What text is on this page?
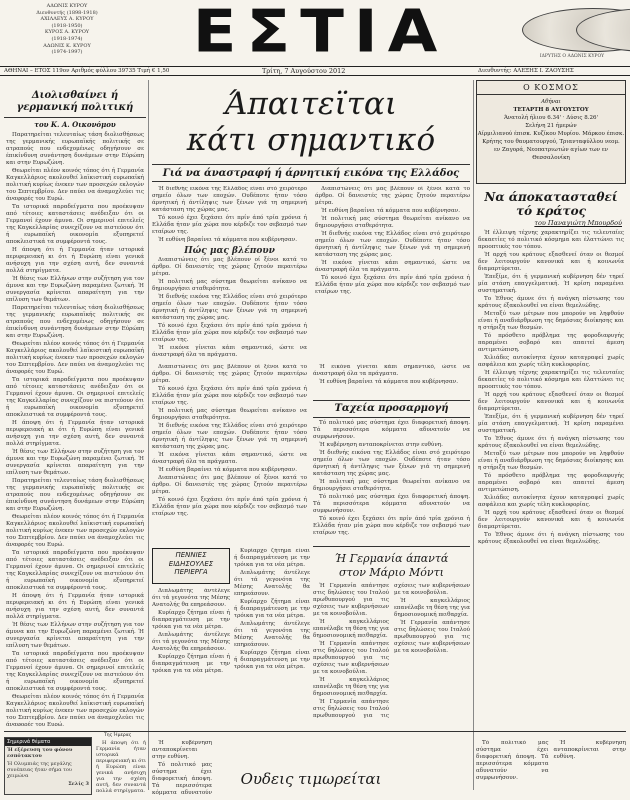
ΑΔΩΝΙΣ ΚΥΡΟΥ
Διευθυντής (1898-1918)
ΑΧΙΛΛΕΥΣ Α. ΚΥΡΟΥ
(1918-1950)
ΚΥΡΟΣ Α. ΚΥΡΟΥ
(1918-1974)
ΑΔΩΝΙΣ Κ. ΚΥΡΟΥ
(1974-1997)	ΕΣΤΙΑ	ΙΔΡΥΤΗΣ Ο ΑΔΩΝΙΣ ΚΥΡΟΥ
ΑΘΗΝΑΙ – ΕΤΟΣ 119ον Αριθμός φύλλου 39735 Τιμή € 1,50	Τρίτη, 7 Αυγούστου 2012	Διευθυντής: ΑΛΕΞΗΣ Ι. ΖΑΟΥΣΗΣ
Διολισθαίνει ή γερμανική πολιτική
του Κ. Α. Οικονόμου

Παρατηρείται τελευταίως τάση διολισθήσεως της γερμανικής ευρωπαϊκής πολιτικής σε ατραπούς που ενδεχομένως οδηγήσουν σε έπικίνδυνη συνάντηση δυνάμεων στην Εύρώπη και στην Ευρωζώνη.

Θεωρείται πλέον κοινός τόπος ότι ή Γερμανία Καγκελλάριος ακολουθεί λαϊκιστική ευρωπαϊκή πολιτική κυρίως ένεκεν των προσεχών εκλογών του Σεπτεμβρίου. Δεν παύει να άναμοχλεύει τις άναφορές του Ευρώ.

Τα ιστορικά παραδείγματα που προέκυψαν από τέτοιες καταστάσεις ανέδειξαν ότι οι Γερμανοί έχουν άμυνα. Οι σημερινοί επιτελείς της Καγκελλαρίας συνεχίζουν να πιστεύουν ότι ή ευρωπαϊκή οικονομία εξυπηρετεί αποκλειστικά τα συμφέροντά τους.

Η άποψη ότι ή Γερμανία ήταν ιστορικά περιφερειακή κι ότι ή Ευρώπη είναι γενικά ανήσυχη για την σχέση αυτή, δεν συναντά πολλά στηρίγματα.

Ή θέσις των Ελλήνων στην συζήτηση για τον άμυνα και την Ευρωζώνη παραμένει ζωτική. Ή συνεργασία κρίνεται απαραίτητη για την επίλυση των θεμάτων.

Παρατηρείται τελευταίως τάση διολισθήσεως της γερμανικής ευρωπαϊκής πολιτικής σε ατραπούς που ενδεχομένως οδηγήσουν σε έπικίνδυνη συνάντηση δυνάμεων στην Εύρώπη και στην Ευρωζώνη.

Θεωρείται πλέον κοινός τόπος ότι ή Γερμανία Καγκελλάριος ακολουθεί λαϊκιστική ευρωπαϊκή πολιτική κυρίως ένεκεν των προσεχών εκλογών του Σεπτεμβρίου. Δεν παύει να άναμοχλεύει τις άναφορές του Ευρώ.

Τα ιστορικά παραδείγματα που προέκυψαν από τέτοιες καταστάσεις ανέδειξαν ότι οι Γερμανοί έχουν άμυνα. Οι σημερινοί επιτελείς της Καγκελλαρίας συνεχίζουν να πιστεύουν ότι ή ευρωπαϊκή οικονομία εξυπηρετεί αποκλειστικά τα συμφέροντά τους.

Η άποψη ότι ή Γερμανία ήταν ιστορικά περιφερειακή κι ότι ή Ευρώπη είναι γενικά ανήσυχη για την σχέση αυτή, δεν συναντά πολλά στηρίγματα.

Ή θέσις των Ελλήνων στην συζήτηση για τον άμυνα και την Ευρωζώνη παραμένει ζωτική. Ή συνεργασία κρίνεται απαραίτητη για την επίλυση των θεμάτων.

Παρατηρείται τελευταίως τάση διολισθήσεως της γερμανικής ευρωπαϊκής πολιτικής σε ατραπούς που ενδεχομένως οδηγήσουν σε έπικίνδυνη συνάντηση δυνάμεων στην Εύρώπη και στην Ευρωζώνη.

Θεωρείται πλέον κοινός τόπος ότι ή Γερμανία Καγκελλάριος ακολουθεί λαϊκιστική ευρωπαϊκή πολιτική κυρίως ένεκεν των προσεχών εκλογών του Σεπτεμβρίου. Δεν παύει να άναμοχλεύει τις άναφορές του Ευρώ.

Τα ιστορικά παραδείγματα που προέκυψαν από τέτοιες καταστάσεις ανέδειξαν ότι οι Γερμανοί έχουν άμυνα. Οι σημερινοί επιτελείς της Καγκελλαρίας συνεχίζουν να πιστεύουν ότι ή ευρωπαϊκή οικονομία εξυπηρετεί αποκλειστικά τα συμφέροντά τους.

Η άποψη ότι ή Γερμανία ήταν ιστορικά περιφερειακή κι ότι ή Ευρώπη είναι γενικά ανήσυχη για την σχέση αυτή, δεν συναντά πολλά στηρίγματα.

Ή θέσις των Ελλήνων στην συζήτηση για τον άμυνα και την Ευρωζώνη παραμένει ζωτική. Ή συνεργασία κρίνεται απαραίτητη για την επίλυση των θεμάτων.

Τα ιστορικά παραδείγματα που προέκυψαν από τέτοιες καταστάσεις ανέδειξαν ότι οι Γερμανοί έχουν άμυνα. Οι σημερινοί επιτελείς της Καγκελλαρίας συνεχίζουν να πιστεύουν ότι ή ευρωπαϊκή οικονομία εξυπηρετεί αποκλειστικά τα συμφέροντά τους.

Θεωρείται πλέον κοινός τόπος ότι ή Γερμανία Καγκελλάριος ακολουθεί λαϊκιστική ευρωπαϊκή πολιτική κυρίως ένεκεν των προσεχών εκλογών του Σεπτεμβρίου. Δεν παύει να άναμοχλεύει τις άναφορές του Ευρώ.

Της Ήμερας
Σημερινά θέματα
Ή εξέρευση του φόνου εσπότακτου
Ή Ολυμπιάς της μεγάλης συνέπειας ήταν σήμα του χειμώνα
Σελίς 3

Η άποψη ότι ή Γερμανία ήταν ιστορικά περιφερειακή κι ότι ή Ευρώπη είναι γενικά ανήσυχη για την σχέση αυτή, δεν συναντά πολλά στηρίγματα.

Άπαιτεϊται
κάτι σημαντικό
Γιά να άναστραφή ή άρνητική εικόνα της Ελλάδος

Ή διεθνής εικόνα της Ελλάδος είναι στό χειρότερο σημείο όλων των εποχών. Ουδέποτε ήταν τόσο άρνητική ή άντίληψις των ξένων γιά τη σημερινή κατάσταση της χώρας μας.

Τό κοινό έχει ξεχάσει ότι πρίν άπό τρία χρόνια ή Ελλάδα ήταν μία χώρα που κέρδιζε τον σεβασμό των εταίρων της.

Ή ευθύνη βαραίνει τά κόμματα που κυβέρνησαν.

Πώς μας βλέπουν

Διαπιστώνεις ότι μας βλέπουν οί ξένοι κατά το άρθρο. Οί δανειστές της χώρας ζητούν περαιτέρω μέτρα.

Ή πολιτική μας σύστημα θεωρείται ανίκανο να δημιουργήσει σταθερότητα.

Ή διεθνής εικόνα της Ελλάδος είναι στό χειρότερο σημείο όλων των εποχών. Ουδέποτε ήταν τόσο άρνητική ή άντίληψις των ξένων γιά τη σημερινή κατάσταση της χώρας μας.

Τό κοινό έχει ξεχάσει ότι πρίν άπό τρία χρόνια ή Ελλάδα ήταν μία χώρα που κέρδιζε τον σεβασμό των εταίρων της.

Ή εικόνα γίνεται κάπι σημαντικό, ώστε να άναστραφή όλα τα πράγματα.

Διαπιστώνεις ότι μας βλέπουν οί ξένοι κατά το άρθρο. Οί δανειστές της χώρας ζητούν περαιτέρω μέτρα.

Ή ευθύνη βαραίνει τά κόμματα που κυβέρνησαν.

Ή πολιτική μας σύστημα θεωρείται ανίκανο να δημιουργήσει σταθερότητα.

Ή διεθνής εικόνα της Ελλάδος είναι στό χειρότερο σημείο όλων των εποχών. Ουδέποτε ήταν τόσο άρνητική ή άντίληψις των ξένων γιά τη σημερινή κατάσταση της χώρας μας.

Ή εικόνα γίνεται κάπι σημαντικό, ώστε να άναστραφή όλα τα πράγματα.

Τό κοινό έχει ξεχάσει ότι πρίν άπό τρία χρόνια ή Ελλάδα ήταν μία χώρα που κέρδιζε τον σεβασμό των εταίρων της.

Διαπιστώνεις ότι μας βλέπουν οί ξένοι κατά το άρθρο. Οί δανειστές της χώρας ζητούν περαιτέρω μέτρα.

Τό κοινό έχει ξεχάσει ότι πρίν άπό τρία χρόνια ή Ελλάδα ήταν μία χώρα που κέρδιζε τον σεβασμό των εταίρων της.

Ή πολιτική μας σύστημα θεωρείται ανίκανο να δημιουργήσει σταθερότητα.

Ή διεθνής εικόνα της Ελλάδος είναι στό χειρότερο σημείο όλων των εποχών. Ουδέποτε ήταν τόσο άρνητική ή άντίληψις των ξένων γιά τη σημερινή κατάσταση της χώρας μας.

Ή εικόνα γίνεται κάπι σημαντικό, ώστε να άναστραφή όλα τα πράγματα.

Ή ευθύνη βαραίνει τά κόμματα που κυβέρνησαν.

Διαπιστώνεις ότι μας βλέπουν οί ξένοι κατά το άρθρο. Οί δανειστές της χώρας ζητούν περαιτέρω μέτρα.

Τό κοινό έχει ξεχάσει ότι πρίν άπό τρία χρόνια ή Ελλάδα ήταν μία χώρα που κέρδιζε τον σεβασμό των εταίρων της.

Ή εικόνα γίνεται κάπι σημαντικό, ώστε να άναστραφή όλα τα πράγματα.

Ή ευθύνη βαραίνει τά κόμματα που κυβέρνησαν.

Ταχεία προσαρμογή

Τό πολιτικό μας σύστημα έχει διαφορετική άποψη. Τά περισσότερα κόμματα αδυνατούν να συμφωνήσουν.

Ή κυβέρνηση ανταποκρίνεται στην ευθύνη.

Ή διεθνής εικόνα της Ελλάδος είναι στό χειρότερο σημείο όλων των εποχών. Ουδέποτε ήταν τόσο άρνητική ή άντίληψις των ξένων γιά τη σημερινή κατάσταση της χώρας μας.

Ή πολιτική μας σύστημα θεωρείται ανίκανο να δημιουργήσει σταθερότητα.

Τό πολιτικό μας σύστημα έχει διαφορετική άποψη. Τά περισσότερα κόμματα αδυνατούν να συμφωνήσουν.

Τό κοινό έχει ξεχάσει ότι πρίν άπό τρία χρόνια ή Ελλάδα ήταν μία χώρα που κέρδιζε τον σεβασμό των εταίρων της.

ΠΕΝΝΙΕΣ
ΕΙΔΗΣΟΥΛΕΣ
ΠΕΡΙΕΡΓΑ

Διπλωμάτης άντέλεγε ότι τά γεγονότα της Μέσης Ανατολής θα επηρεάσουν.

Κυρίαρχο ζήτημα είναι ή διαπραγμάτευση με την τρόικα για τα νέα μέτρα.

Διπλωμάτης άντέλεγε ότι τά γεγονότα της Μέσης Ανατολής θα επηρεάσουν.

Κυρίαρχο ζήτημα είναι ή διαπραγμάτευση με την τρόικα για τα νέα μέτρα.

Κυρίαρχο ζήτημα είναι ή διαπραγμάτευση με την τρόικα για τα νέα μέτρα.

Διπλωμάτης άντέλεγε ότι τά γεγονότα της Μέσης Ανατολής θα επηρεάσουν.

Κυρίαρχο ζήτημα είναι ή διαπραγμάτευση με την τρόικα για τα νέα μέτρα.

Διπλωμάτης άντέλεγε ότι τά γεγονότα της Μέσης Ανατολής θα επηρεάσουν.

Κυρίαρχο ζήτημα είναι ή διαπραγμάτευση με την τρόικα για τα νέα μέτρα.

Ή Γερμανία άπαντά
στον Μάριο Μόντι

Ή Γερμανία απάντησε στις δηλώσεις του Ιταλού πρωθυπουργού για τις σχέσεις των κυβερνήσεων με τα κοινοβούλια.

Ή καγκελλάριος επανέλαβε τη θέση της για δημοσιονομική πειθαρχία.

Ή Γερμανία απάντησε στις δηλώσεις του Ιταλού πρωθυπουργού για τις σχέσεις των κυβερνήσεων με τα κοινοβούλια.

Ή καγκελλάριος επανέλαβε τη θέση της για δημοσιονομική πειθαρχία.

Ή Γερμανία απάντησε στις δηλώσεις του Ιταλού πρωθυπουργού για τις σχέσεις των κυβερνήσεων με τα κοινοβούλια.

Ή καγκελλάριος επανέλαβε τη θέση της για δημοσιονομική πειθαρχία.

Ή Γερμανία απάντησε στις δηλώσεις του Ιταλού πρωθυπουργού για τις σχέσεις των κυβερνήσεων με τα κοινοβούλια.

Ή κυβέρνηση ανταποκρίνεται στην ευθύνη.

Τό πολιτικό μας σύστημα έχει διαφορετική άποψη. Τά περισσότερα κόμματα αδυνατούν

Ουδεις τιμωρείται

Τό πολιτικό μας σύστημα έχει διαφορετική άποψη. Τά περισσότερα κόμματα αδυνατούν να συμφωνήσουν.

Ή κυβέρνηση ανταποκρίνεται στην ευθύνη.

Ο ΚΟΣΜΟΣ
Αθήναι
ΤΕΤΑΡΤΗ 8 ΑΥΓΟΥΣΤΟΥ
Άνατολή ήλιου 6.34' · Δύσις 8.26'
Σελήνη 21 ήμερών
Αίρμιλιανού έπισκ. Κυζίκου Μυρίου. Μάρκου έπισκ.
Κρήτης του θαυματουργού, Τριανταφύλλου νεομ.
εν Ζαγορά, Νεοπατριωτών αγίων των εν Θεσσαλονίκη
Να άποκατασταθεί
τό κράτος
του Παναγιώτη Μπουρδού

Ή έλλειψη τέχνης χαρακτηρίζει τις τελευταίες δεκαετίες τό πολιτικό κόσμημα και έλαττώνει τις προοπτικές του τόπου.

Ή αρχή του κράτους εξασθενεί όταν οι θεσμοί δεν λειτουργούν κανονικά και ή κοινωνία διαμαρτύρεται.

Έπεξίμε, ότι ή γερμανική κυβέρνηση δέν τηρεί μία στάση επαγγελματική. Ή κρίση παραμένει συστηματική.

Το Έθνος άμυνε ότι ή ανάγκη πίστωσης του κράτους έξακολουθεί να είναι θεμελιώδης.

Μεταξύ των μέτρων που μπορούν να ληφθούν είναι ή αναδιάρθρωση της δημόσιας διοίκησης και η στήριξη των θεσμών.

Τό πρόσθετο πρόβλημα της φοροδιαφυγής παραμένει σοβαρό και απαιτεί άμεση αντιμετώπιση.

Χιλιάδες αυτοκίνητα έχουν καταγραφεί χωρίς ασφάλεια και χωρίς τέλη κυκλοφορίας.

Ή έλλειψη τέχνης χαρακτηρίζει τις τελευταίες δεκαετίες τό πολιτικό κόσμημα και έλαττώνει τις προοπτικές του τόπου.

Ή αρχή του κράτους εξασθενεί όταν οι θεσμοί δεν λειτουργούν κανονικά και ή κοινωνία διαμαρτύρεται.

Έπεξίμε, ότι ή γερμανική κυβέρνηση δέν τηρεί μία στάση επαγγελματική. Ή κρίση παραμένει συστηματική.

Το Έθνος άμυνε ότι ή ανάγκη πίστωσης του κράτους έξακολουθεί να είναι θεμελιώδης.

Μεταξύ των μέτρων που μπορούν να ληφθούν είναι ή αναδιάρθρωση της δημόσιας διοίκησης και η στήριξη των θεσμών.

Τό πρόσθετο πρόβλημα της φοροδιαφυγής παραμένει σοβαρό και απαιτεί άμεση αντιμετώπιση.

Χιλιάδες αυτοκίνητα έχουν καταγραφεί χωρίς ασφάλεια και χωρίς τέλη κυκλοφορίας.

Ή αρχή του κράτους εξασθενεί όταν οι θεσμοί δεν λειτουργούν κανονικά και ή κοινωνία διαμαρτύρεται.

Το Έθνος άμυνε ότι ή ανάγκη πίστωσης του κράτους έξακολουθεί να είναι θεμελιώδης.
